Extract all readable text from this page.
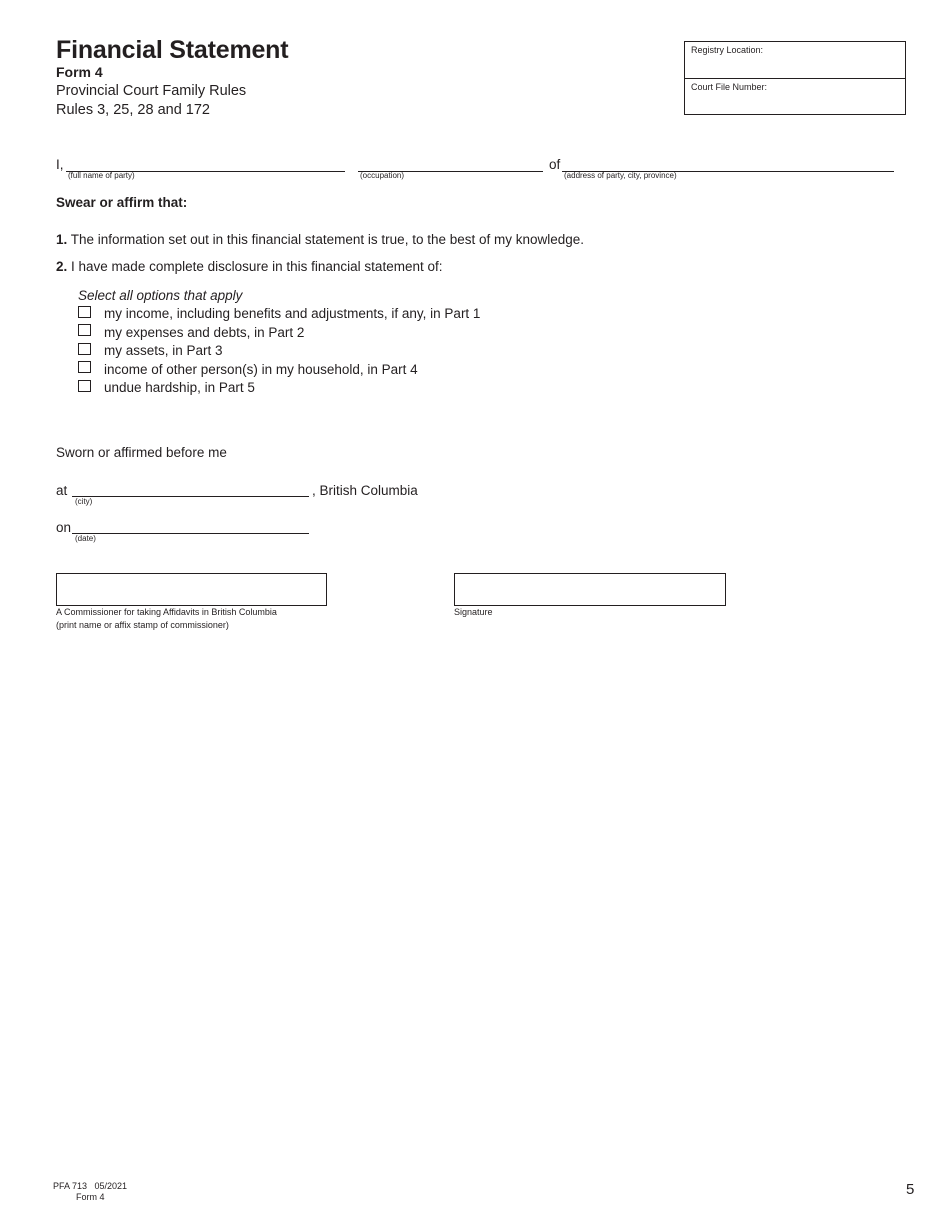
Financial Statement
Form 4
Provincial Court Family Rules
Rules 3, 25, 28 and 172
Registry Location:
Court File Number:
I,
(full name of party)	(occupation)
of
(address of party, city, province)
Swear or affirm that:
1. The information set out in this financial statement is true, to the best of my knowledge.
2. I have made complete disclosure in this financial statement of:
Select all options that apply
my income, including benefits and adjustments, if any, in Part 1
my expenses and debts, in Part 2
my assets, in Part 3
income of other person(s) in my household, in Part 4
undue hardship, in Part 5
Sworn or affirmed before me
at
(city)
, British Columbia
on
(date)
A Commissioner for taking Affidavits in British Columbia
(print name or affix stamp of commissioner)
Signature
PFA 713   05/2021
Form 4	5
